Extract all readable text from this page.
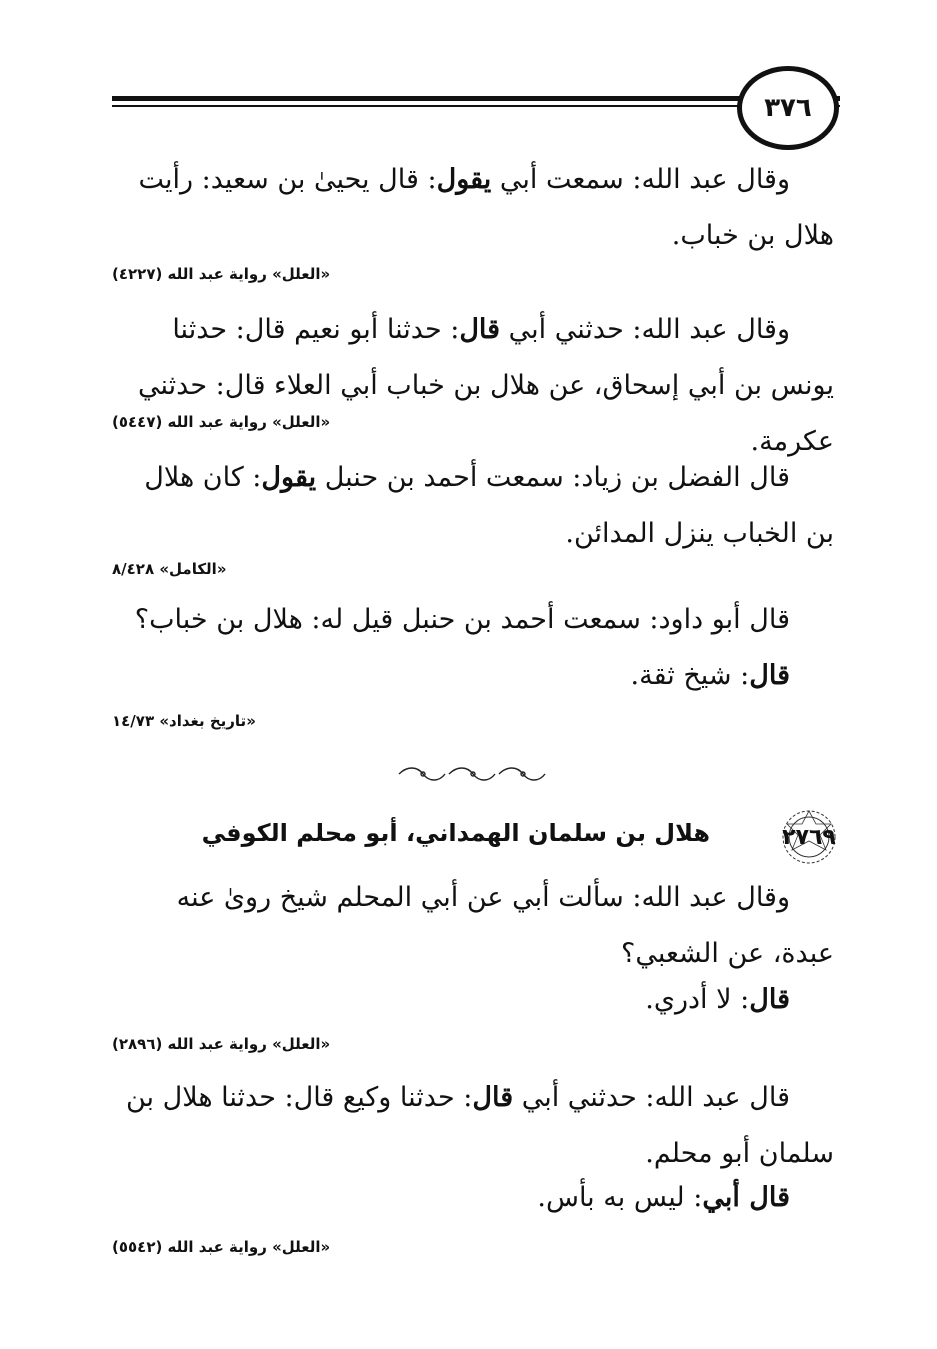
٣٧٦
وقال عبد الله: سمعت أبي يقول: قال يحيىٰ بن سعيد: رأيت هلال بن خباب.
«العلل» رواية عبد الله (٤٢٢٧)
وقال عبد الله: حدثني أبي قال: حدثنا أبو نعيم قال: حدثنا يونس بن أبي إسحاق، عن هلال بن خباب أبي العلاء قال: حدثني عكرمة.
«العلل» رواية عبد الله (٥٤٤٧)
قال الفضل بن زياد: سمعت أحمد بن حنبل يقول: كان هلال بن الخباب ينزل المدائن.
«الكامل» ٨/٤٢٨
قال أبو داود: سمعت أحمد بن حنبل قيل له: هلال بن خباب؟
قال: شيخ ثقة.
«تاريخ بغداد» ١٤/٧٣
٢٧٦٩
هلال بن سلمان الهمداني، أبو محلم الكوفي
وقال عبد الله: سألت أبي عن أبي المحلم شيخ روىٰ عنه عبدة، عن الشعبي؟
قال: لا أدري.
«العلل» رواية عبد الله (٢٨٩٦)
قال عبد الله: حدثني أبي قال: حدثنا وكيع قال: حدثنا هلال بن سلمان أبو محلم.
قال أبي: ليس به بأس.
«العلل» رواية عبد الله (٥٥٤٢)
